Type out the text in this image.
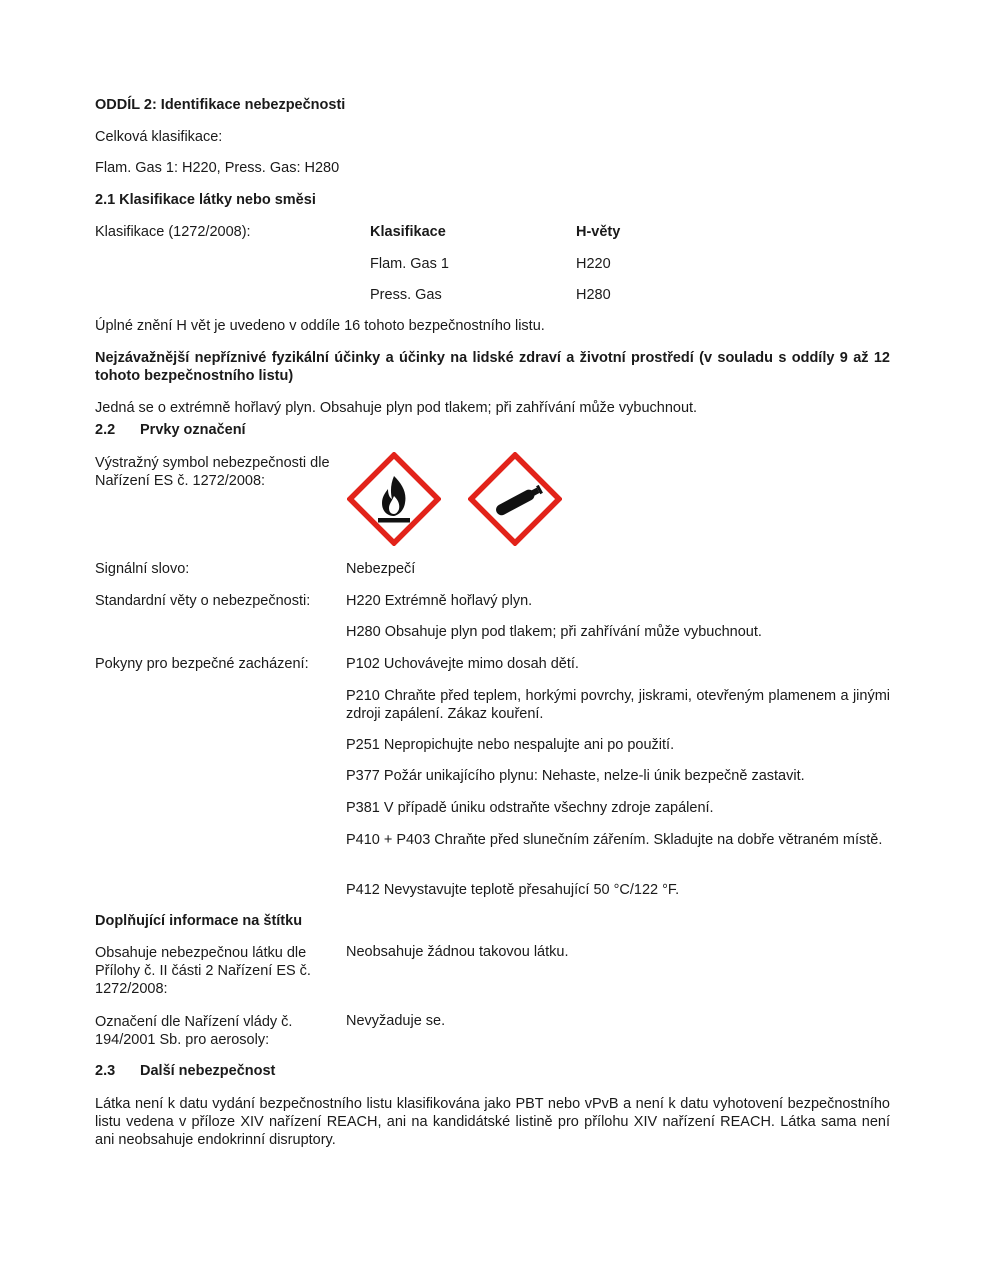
ODDÍL 2: Identifikace nebezpečnosti
Celková klasifikace:
Flam. Gas 1: H220, Press. Gas: H280
2.1 Klasifikace látky nebo směsi
Klasifikace (1272/2008):	Klasifikace	H-věty
Flam. Gas 1	H220
Press. Gas	H280
Úplné znění H vět je uvedeno v oddíle 16 tohoto bezpečnostního listu.
Nejzávažnější nepříznivé fyzikální účinky a účinky na lidské zdraví a životní prostředí (v souladu s oddíly 9 až 12 tohoto bezpečnostního listu)
Jedná se o extrémně hořlavý plyn. Obsahuje plyn pod tlakem; při zahřívání může vybuchnout.
2.2 Prvky označení
Výstražný symbol nebezpečnosti dle Nařízení ES č. 1272/2008:
Signální slovo:	Nebezpečí
Standardní věty o nebezpečnosti: H220 Extrémně hořlavý plyn.
H280 Obsahuje plyn pod tlakem; při zahřívání může vybuchnout.
Pokyny pro bezpečné zacházení:	P102 Uchovávejte mimo dosah dětí.
P210 Chraňte před teplem, horkými povrchy, jiskrami, otevřeným plamenem a jinými zdroji zapálení. Zákaz kouření.
P251 Nepropichujte nebo nespalujte ani po použití.
P377 Požár unikajícího plynu: Nehaste, nelze-li únik bezpečně zastavit.
P381 V případě úniku odstraňte všechny zdroje zapálení.
P410 + P403 Chraňte před slunečním zářením. Skladujte na dobře větraném místě.
P412 Nevystavujte teplotě přesahující 50 °C/122 °F.
Doplňující informace na štítku
Obsahuje nebezpečnou látku dle Přílohy č. II části 2 Nařízení ES č. 1272/2008:
Neobsahuje žádnou takovou látku.
Označení dle Nařízení vlády č. 194/2001 Sb. pro aerosoly:
Nevyžaduje se.
2.3 Další nebezpečnost
Látka není k datu vydání bezpečnostního listu klasifikována jako PBT nebo vPvB a není k datu vyhotovení bezpečnostního listu vedena v příloze XIV nařízení REACH, ani na kandidátské listině pro přílohu XIV nařízení REACH. Látka sama není ani neobsahuje endokrinní disruptory.
